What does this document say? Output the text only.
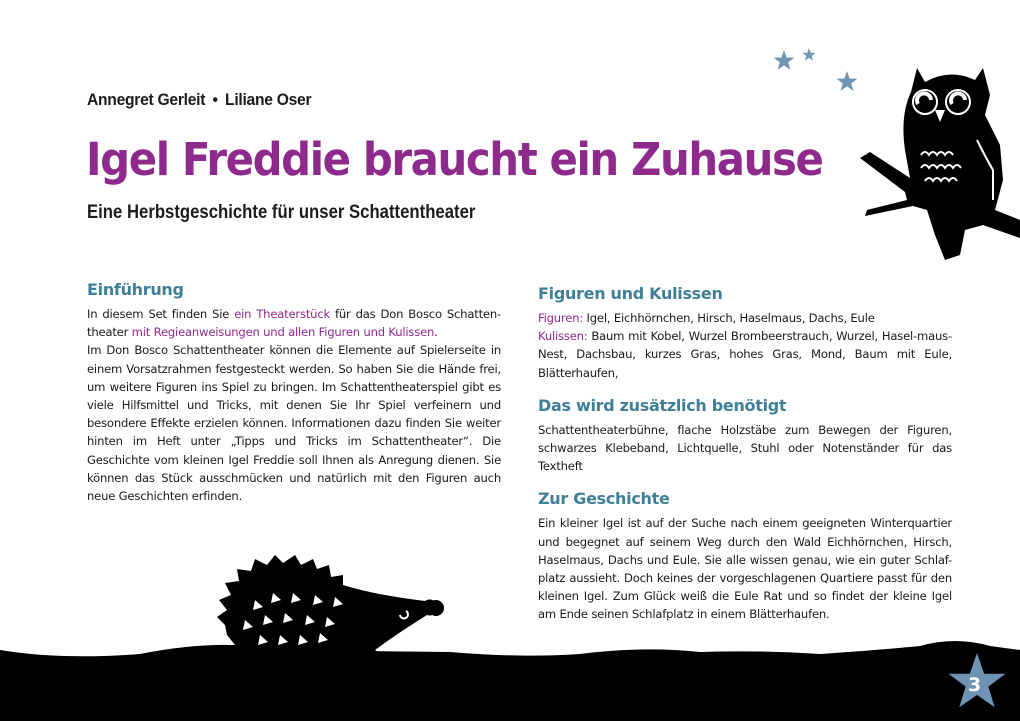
Annegret Gerleit • Liliane Oser
Igel Freddie braucht ein Zuhause
Eine Herbstgeschichte für unser Schattentheater
Einführung

In diesem Set finden Sie ein Theaterstück für das Don Bosco Schatten-theater mit Regieanweisungen und allen Figuren und Kulissen.

Im Don Bosco Schattentheater können die Elemente auf Spielerseite in einem Vorsatzrahmen festgesteckt werden. So haben Sie die Hände frei, um weitere Figuren ins Spiel zu bringen. Im Schattentheaterspiel gibt es viele Hilfsmittel und Tricks, mit denen Sie Ihr Spiel verfeinern und besondere Effekte erzielen können. Informationen dazu finden Sie weiter hinten im Heft unter „Tipps und Tricks im Schattentheater“. Die Geschichte vom kleinen Igel Freddie soll Ihnen als Anregung dienen. Sie können das Stück ausschmücken und natürlich mit den Figuren auch neue Geschichten erfinden.

Figuren und Kulissen

Figuren: Igel, Eichhörnchen, Hirsch, Haselmaus, Dachs, Eule

Kulissen: Baum mit Kobel, Wurzel Brombeerstrauch, Wurzel, Hasel-maus-Nest, Dachsbau, kurzes Gras, hohes Gras, Mond, Baum mit Eule, Blätterhaufen,

Das wird zusätzlich benötigt

Schattentheaterbühne, flache Holzstäbe zum Bewegen der Figuren, schwarzes Klebeband, Lichtquelle, Stuhl oder Notenständer für das Textheft

Zur Geschichte

Ein kleiner Igel ist auf der Suche nach einem geeigneten Winterquartier und begegnet auf seinem Weg durch den Wald Eichhörnchen, Hirsch, Haselmaus, Dachs und Eule. Sie alle wissen genau, wie ein guter Schlaf-platz aussieht. Doch keines der vorgeschlagenen Quartiere passt für den kleinen Igel. Zum Glück weiß die Eule Rat und so findet der kleine Igel am Ende seinen Schlafplatz in einem Blätterhaufen.

3
